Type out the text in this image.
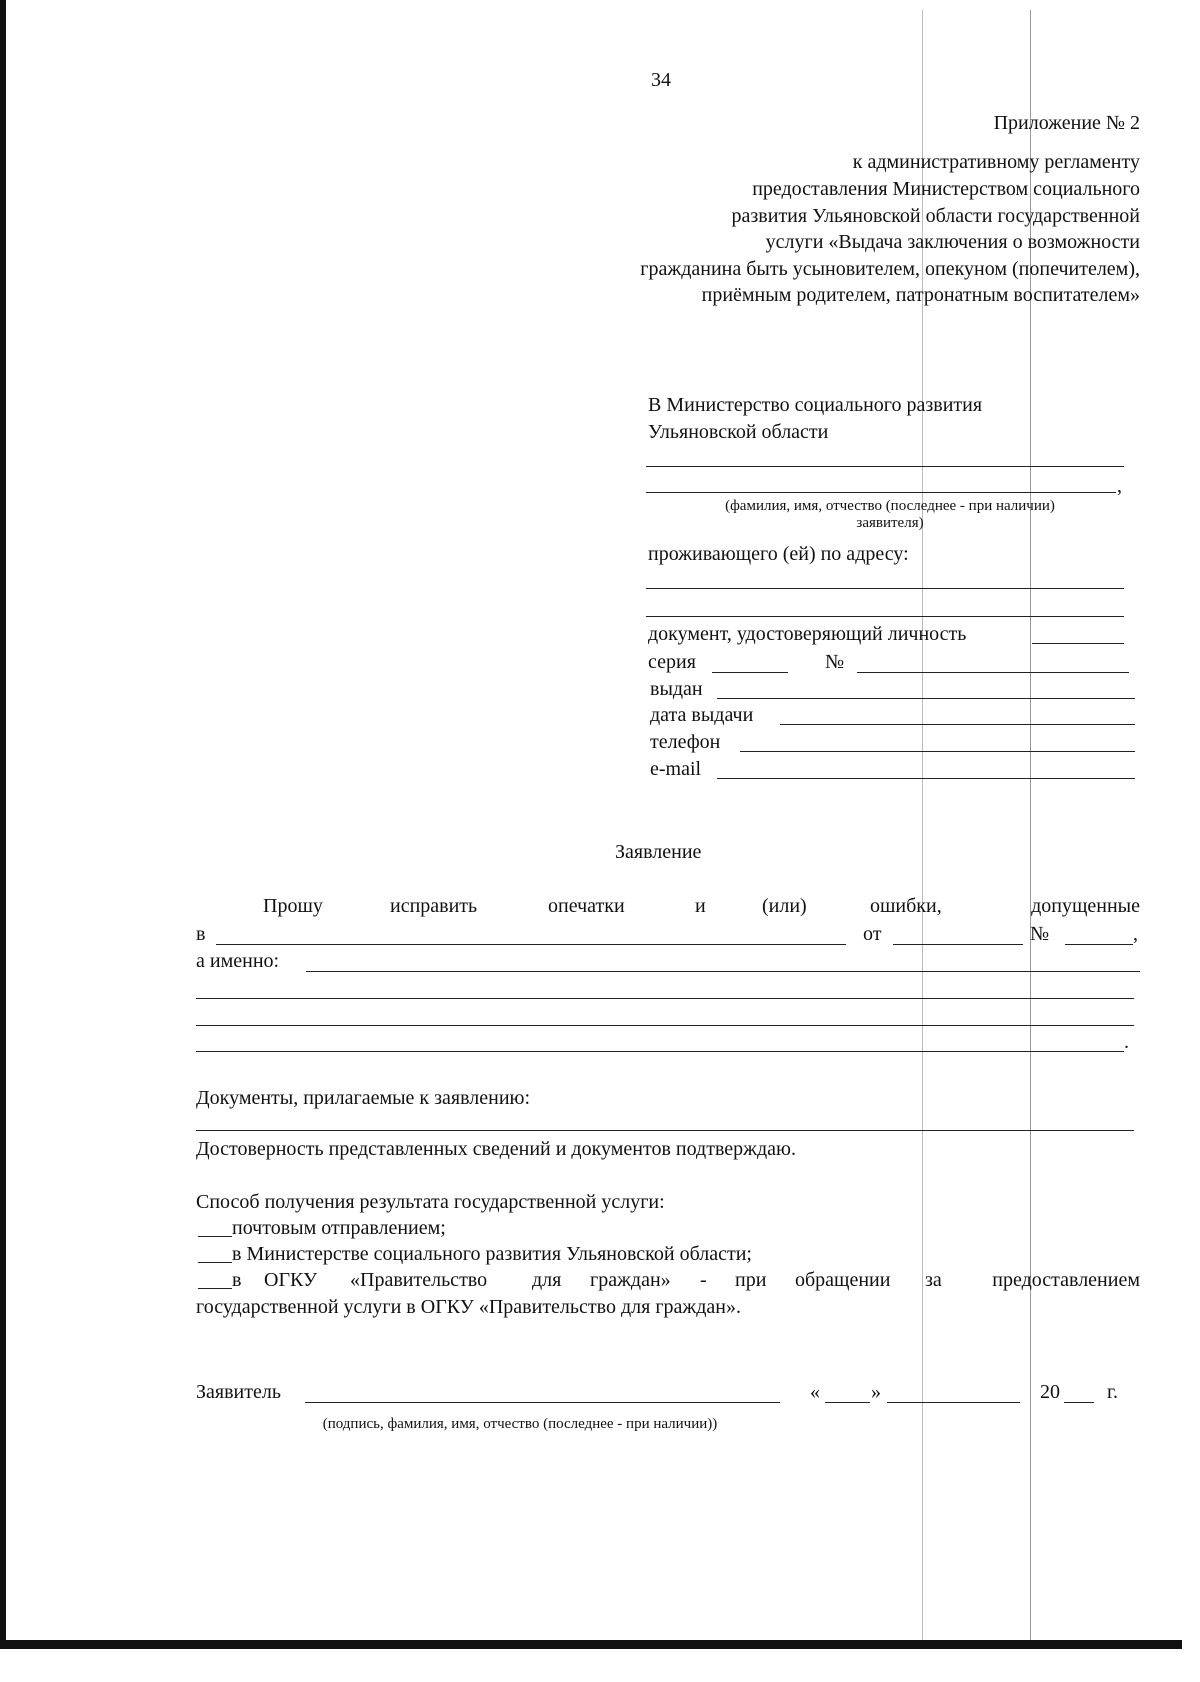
34
Приложение № 2
к административному регламенту
предоставления Министерством социального
развития Ульяновской области государственной
услуги «Выдача заключения о возможности
гражданина быть усыновителем, опекуном (попечителем),
приёмным родителем, патронатным воспитателем»
В Министерство социального развития
Ульяновской области
,
(фамилия, имя, отчество (последнее - при наличии)
заявителя)
проживающего (ей) по адресу:
документ, удостоверяющий личность
серия	№
выдан
дата выдачи
телефон
e-mail
Заявление
Прошу	исправить	опечатки	и	(или)	ошибки,	допущенные
в	от	№	,
а именно:
.
Документы, прилагаемые к заявлению:
Достоверность представленных сведений и документов подтверждаю.
Способ получения результата государственной услуги:
почтовым отправлением;
в Министерстве социального развития Ульяновской области;
в ОГКУ «Правительство для граждан» - при обращении за	предоставлением
государственной услуги в ОГКУ «Правительство для граждан».
Заявитель	«	»	20 г.
(подпись, фамилия, имя, отчество (последнее - при наличии))
